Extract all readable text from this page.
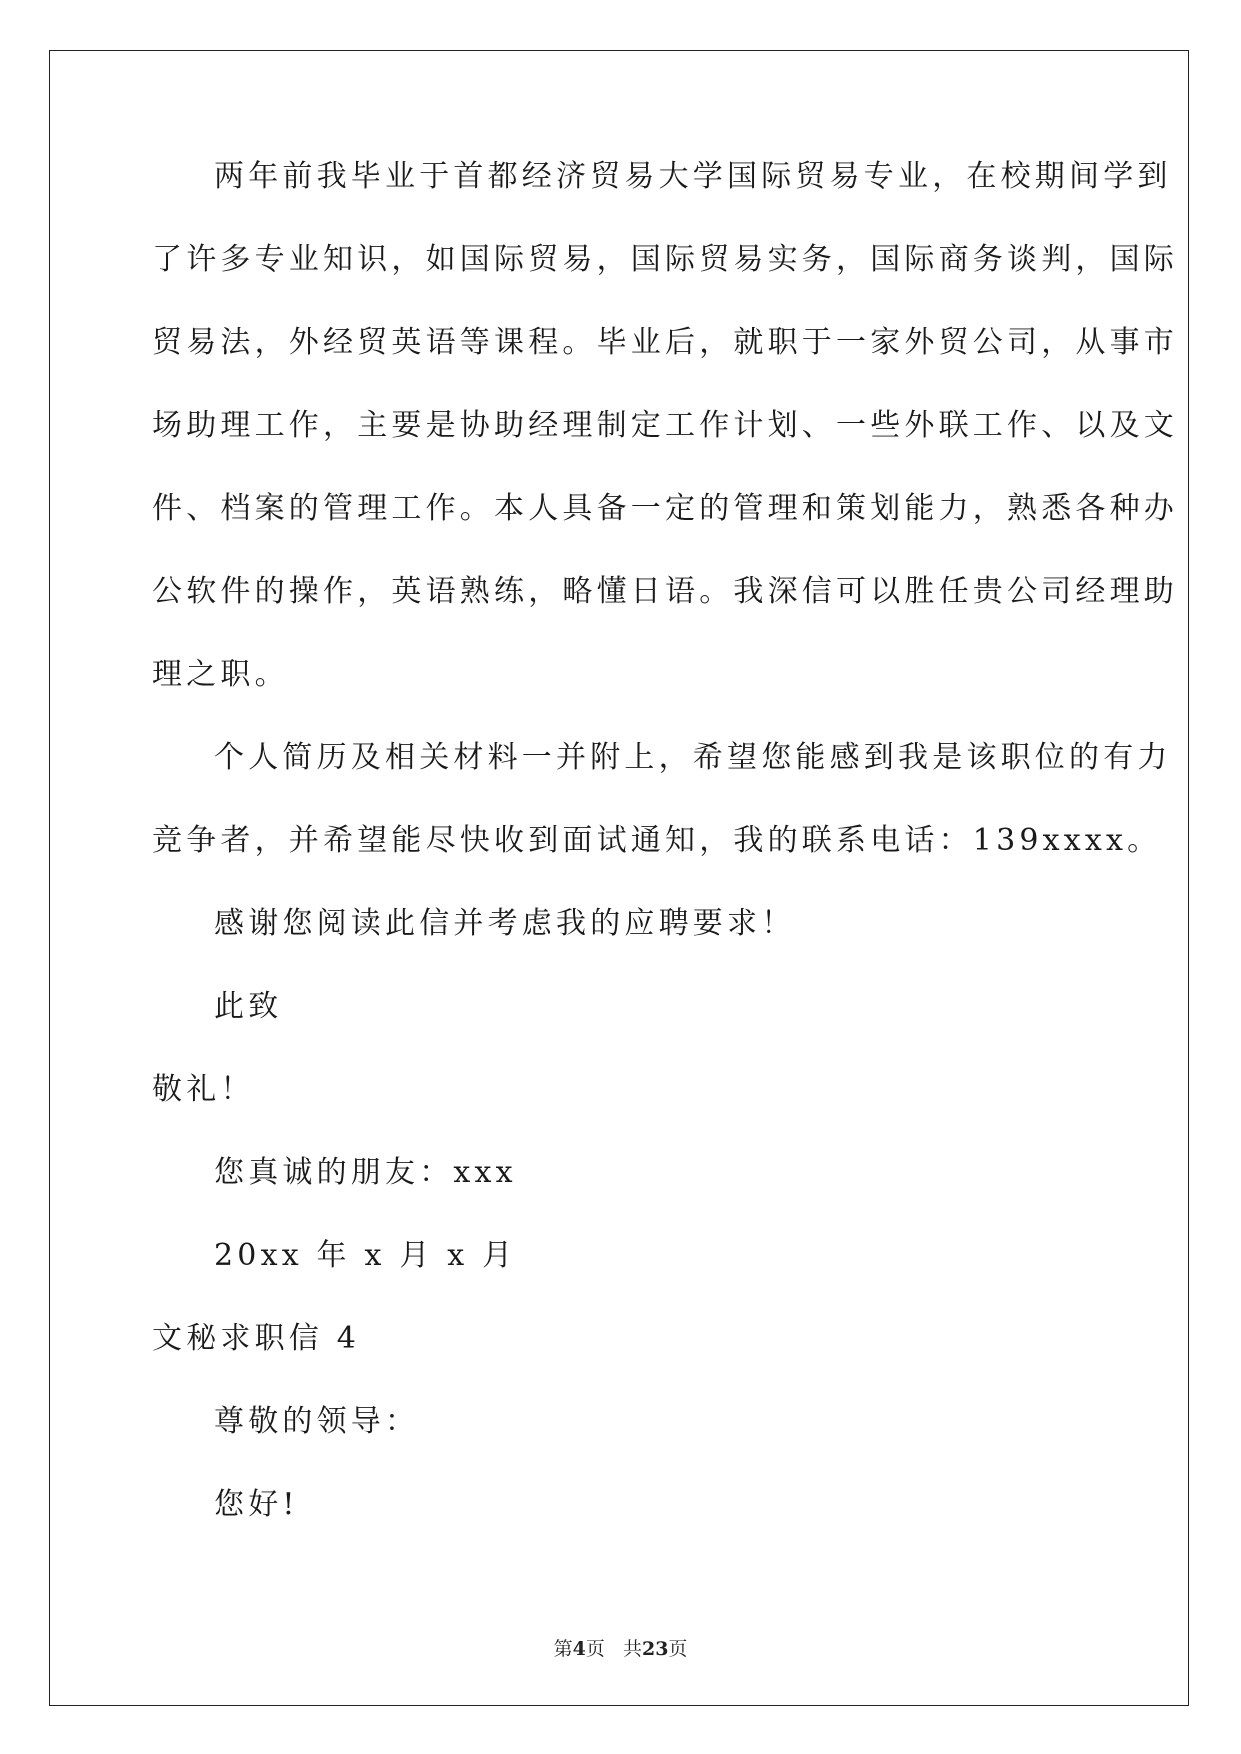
两年前我毕业于首都经济贸易大学国际贸易专业，在校期间学到

了许多专业知识，如国际贸易，国际贸易实务，国际商务谈判，国际

贸易法，外经贸英语等课程。毕业后，就职于一家外贸公司，从事市

场助理工作，主要是协助经理制定工作计划、一些外联工作、以及文

件、档案的管理工作。本人具备一定的管理和策划能力，熟悉各种办

公软件的操作，英语熟练，略懂日语。我深信可以胜任贵公司经理助

理之职。

个人简历及相关材料一并附上，希望您能感到我是该职位的有力

竞争者，并希望能尽快收到面试通知，我的联系电话：139xxxx。

感谢您阅读此信并考虑我的应聘要求！

此致

敬礼！

您真诚的朋友：xxx

20xx 年 x 月 x 月

文秘求职信 4

尊敬的领导：

您好!

第4页 共23页
